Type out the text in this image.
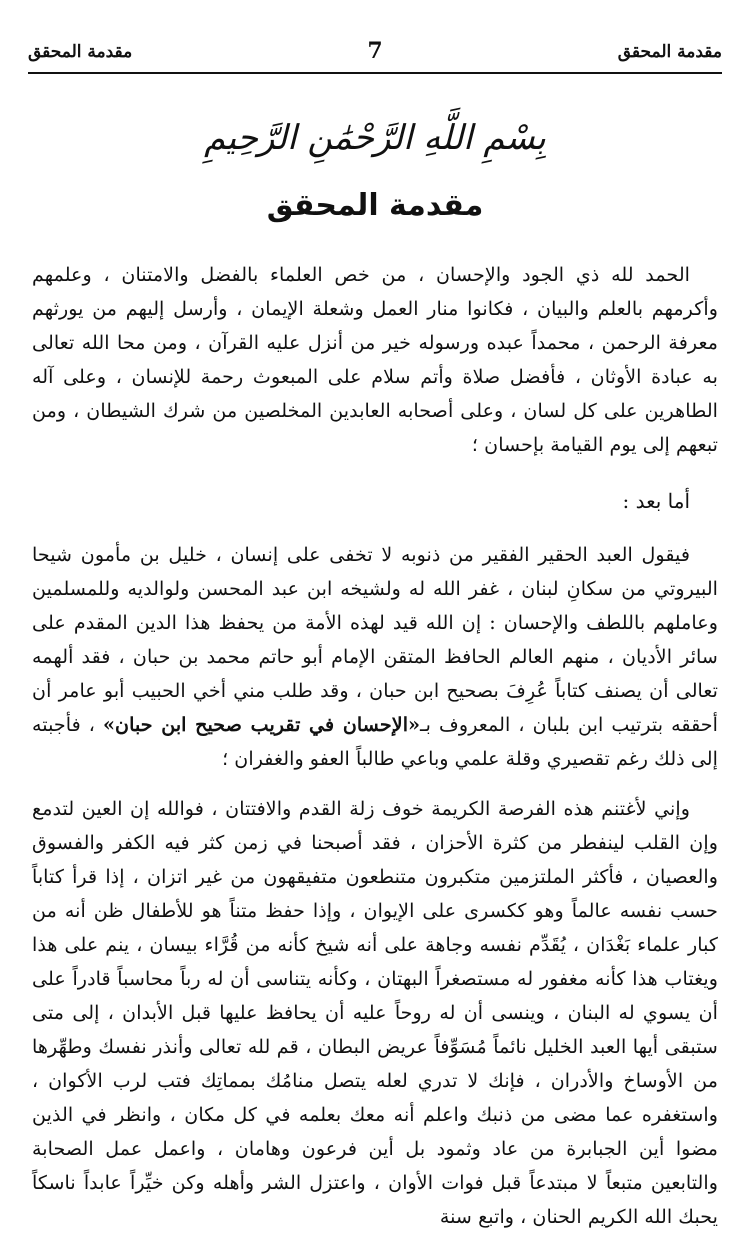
مقدمة المحقق
7
مقدمة المحقق
بِسْمِ اللَّهِ الرَّحْمَٰنِ الرَّحِيمِ
مقدمة المحقق

الحمد لله ذي الجود والإحسان ، من خص العلماء بالفضل والامتنان ، وعلمهم وأكرمهم بالعلم والبيان ، فكانوا منار العمل وشعلة الإيمان ، وأرسل إليهم من يورثهم معرفة الرحمن ، محمداً عبده ورسوله خير من أنزل عليه القرآن ، ومن محا الله تعالى به عبادة الأوثان ، فأفضل صلاة وأتم سلام على المبعوث رحمة للإنسان ، وعلى آله الطاهرين على كل لسان ، وعلى أصحابه العابدين المخلصين من شرك الشيطان ، ومن تبعهم إلى يوم القيامة بإحسان ؛

أما بعد :

فيقول العبد الحقير الفقير من ذنوبه لا تخفى على إنسان ، خليل بن مأمون شيحا البيروتي من سكانِ لبنان ، غفر الله له ولشيخه ابن عبد المحسن ولوالديه وللمسلمين وعاملهم باللطف والإحسان : إن الله قيد لهذه الأمة من يحفظ هذا الدين المقدم على سائر الأديان ، منهم العالم الحافظ المتقن الإمام أبو حاتم محمد بن حبان ، فقد ألهمه تعالى أن يصنف كتاباً عُرِفَ بصحيح ابن حبان ، وقد طلب مني أخي الحبيب أبو عامر أن أحققه بترتيب ابن بلبان ، المعروف بـ«الإحسان في تقريب صحيح ابن حبان» ، فأجبته إلى ذلك رغم تقصيري وقلة علمي وباعي طالباً العفو والغفران ؛

وإني لأغتنم هذه الفرصة الكريمة خوف زلة القدم والافتتان ، فوالله إن العين لتدمع وإن القلب لينفطر من كثرة الأحزان ، فقد أصبحنا في زمن كثر فيه الكفر والفسوق والعصيان ، فأكثر الملتزمين متكبرون متنطعون متفيقهون من غير اتزان ، إذا قرأ كتاباً حسب نفسه عالماً وهو ككسرى على الإيوان ، وإذا حفظ متناً هو للأطفال ظن أنه من كبار علماء بَغْدَان ، يُقَدِّم نفسه وجاهة على أنه شيخ كأنه من قُرَّاء بيسان ، ينم على هذا ويغتاب هذا كأنه مغفور له مستصغراً البهتان ، وكأنه يتناسى أن له رباً محاسباً قادراً على أن يسوي له البنان ، وينسى أن له روحاً عليه أن يحافظ عليها قبل الأبدان ، إلى متى ستبقى أيها العبد الخليل نائماً مُسَوِّفاً عريض البطان ، قم لله تعالى وأنذر نفسك وطهِّرها من الأوساخ والأدران ، فإنك لا تدري لعله يتصل منامُك بمماتِك فتب لرب الأكوان ، واستغفره عما مضى من ذنبك واعلم أنه معك بعلمه في كل مكان ، وانظر في الذين مضوا أين الجبابرة من عاد وثمود بل أين فرعون وهامان ، واعمل عمل الصحابة والتابعين متبعاً لا مبتدعاً قبل فوات الأوان ، واعتزل الشر وأهله وكن خيِّراً عابداً ناسكاً يحبك الله الكريم الحنان ، واتبع سنة
